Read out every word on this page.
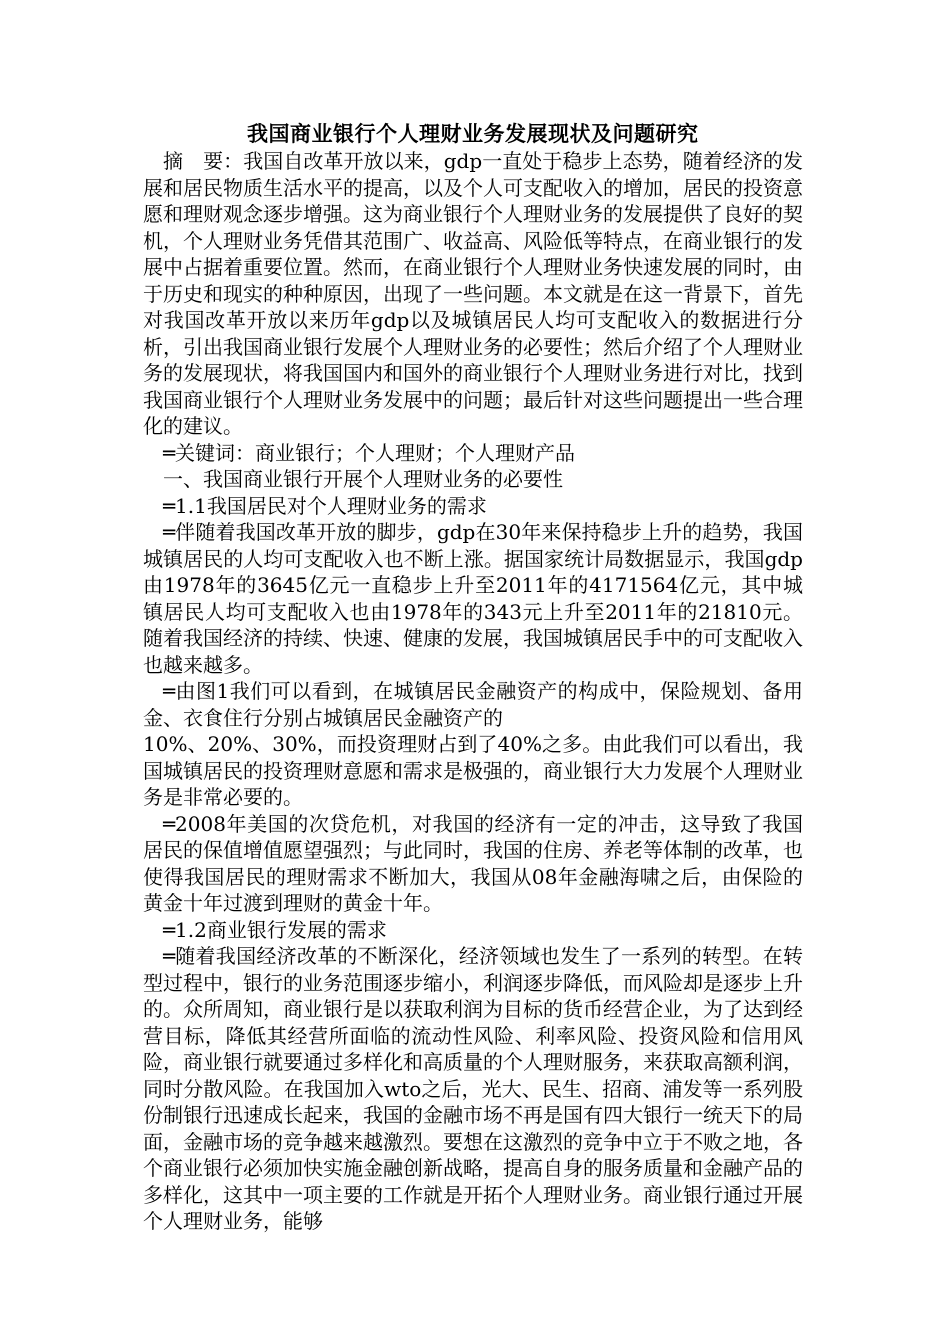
我国商业银行个人理财业务发展现状及问题研究

摘　要：我国自改革开放以来，gdp一直处于稳步上态势，随着经济的发展和居民物质生活水平的提高，以及个人可支配收入的增加，居民的投资意愿和理财观念逐步增强。这为商业银行个人理财业务的发展提供了良好的契机，个人理财业务凭借其范围广、收益高、风险低等特点，在商业银行的发展中占据着重要位置。然而，在商业银行个人理财业务快速发展的同时，由于历史和现实的种种原因，出现了一些问题。本文就是在这一背景下，首先对我国改革开放以来历年gdp以及城镇居民人均可支配收入的数据进行分析，引出我国商业银行发展个人理财业务的必要性；然后介绍了个人理财业务的发展现状，将我国国内和国外的商业银行个人理财业务进行对比，找到我国商业银行个人理财业务发展中的问题；最后针对这些问题提出一些合理化的建议。

═关键词：商业银行；个人理财；个人理财产品

一、我国商业银行开展个人理财业务的必要性

═1.1我国居民对个人理财业务的需求

═伴随着我国改革开放的脚步，gdp在30年来保持稳步上升的趋势，我国城镇居民的人均可支配收入也不断上涨。据国家统计局数据显示，我国gdp由1978年的3645亿元一直稳步上升至2011年的4171564亿元，其中城镇居民人均可支配收入也由1978年的343元上升至2011年的21810元。随着我国经济的持续、快速、健康的发展，我国城镇居民手中的可支配收入也越来越多。

═由图1我们可以看到，在城镇居民金融资产的构成中，保险规划、备用金、衣食住行分别占城镇居民金融资产的

10%、20%、30%，而投资理财占到了40%之多。由此我们可以看出，我国城镇居民的投资理财意愿和需求是极强的，商业银行大力发展个人理财业务是非常必要的。

═2008年美国的次贷危机，对我国的经济有一定的冲击，这导致了我国居民的保值增值愿望强烈；与此同时，我国的住房、养老等体制的改革，也使得我国居民的理财需求不断加大，我国从08年金融海啸之后，由保险的黄金十年过渡到理财的黄金十年。

═1.2商业银行发展的需求

═随着我国经济改革的不断深化，经济领域也发生了一系列的转型。在转型过程中，银行的业务范围逐步缩小，利润逐步降低，而风险却是逐步上升的。众所周知，商业银行是以获取利润为目标的货币经营企业，为了达到经营目标，降低其经营所面临的流动性风险、利率风险、投资风险和信用风险，商业银行就要通过多样化和高质量的个人理财服务，来获取高额利润，同时分散风险。在我国加入wto之后，光大、民生、招商、浦发等一系列股份制银行迅速成长起来，我国的金融市场不再是国有四大银行一统天下的局面，金融市场的竞争越来越激烈。要想在这激烈的竞争中立于不败之地，各个商业银行必须加快实施金融创新战略，提高自身的服务质量和金融产品的多样化，这其中一项主要的工作就是开拓个人理财业务。商业银行通过开展个人理财业务，能够
